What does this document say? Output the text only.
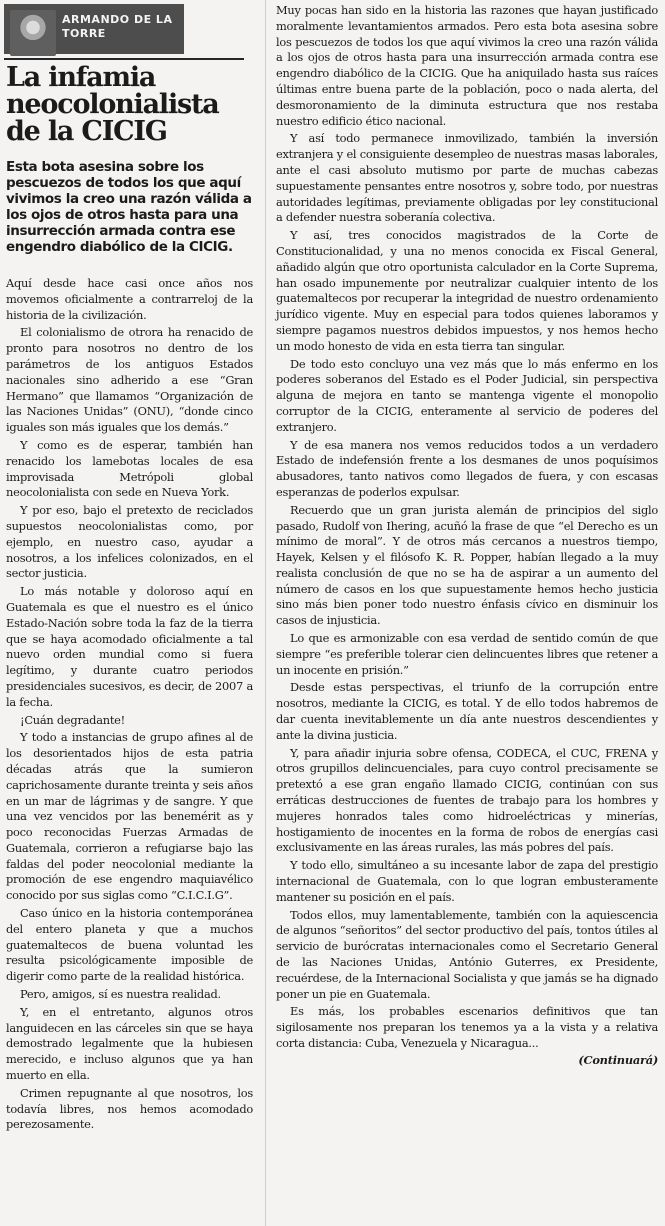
ARMANDO DE LA TORRE
La infamia neocolonialista de la CICIG
Esta bota asesina sobre los pescuezos de todos los que aquí vivimos la creo una razón válida a los ojos de otros hasta para una insurrección armada contra ese engendro diabólico de la CICIG.

Aquí desde hace casi once años nos movemos oficialmente a contrarreloj de la historia de la civilización.

El colonialismo de otrora ha renacido de pronto para nosotros no dentro de los parámetros de los antiguos Estados nacionales sino adherido a ese “Gran Hermano” que llamamos “Organización de las Naciones Unidas” (ONU), “donde cinco iguales son más iguales que los demás.”

Y como es de esperar, también han renacido los lamebotas locales de esa improvisada Metrópoli global neocolonialista con sede en Nueva York.

Y por eso, bajo el pretexto de reciclados supuestos neocolonialistas como, por ejemplo, en nuestro caso, ayudar a nosotros, a los infelices colonizados, en el sector justicia.

Lo más notable y doloroso aquí en Guatemala es que el nuestro es el único Estado-Nación sobre toda la faz de la tierra que se haya acomodado oficialmente a tal nuevo orden mundial como si fuera legítimo, y durante cuatro periodos presidenciales sucesivos, es decir, de 2007 a la fecha.

¡Cuán degradante!

Y todo a instancias de grupo afines al de los desorientados hijos de esta patria décadas atrás que la sumieron caprichosamente durante treinta y seis años en un mar de lágrimas y de sangre. Y que una vez vencidos por las benemérit as y poco reconocidas Fuerzas Armadas de Guatemala, corrieron a refugiarse bajo las faldas del poder neocolonial mediante la promoción de ese engendro maquiavélico conocido por sus siglas como “C.I.C.I.G”.

Caso único en la historia contemporánea del entero planeta y que a muchos guatemaltecos de buena voluntad les resulta psicológicamente imposible de digerir como parte de la realidad histórica.

Pero, amigos, sí es nuestra realidad.

Y, en el entretanto, algunos otros languidecen en las cárceles sin que se haya demostrado legalmente que la hubiesen merecido, e incluso algunos que ya han muerto en ella.

Crimen repugnante al que nosotros, los todavía libres, nos hemos acomodado perezosamente.

Muy pocas han sido en la historia las razones que hayan justificado moralmente levantamientos armados. Pero esta bota asesina sobre los pescuezos de todos los que aquí vivimos la creo una razón válida a los ojos de otros hasta para una insurrección armada contra ese engendro diabólico de la CICIG. Que ha aniquilado hasta sus raíces últimas entre buena parte de la población, poco o nada alerta, del desmoronamiento de la diminuta estructura que nos restaba nuestro edificio ético nacional.

Y así todo permanece inmovilizado, también la inversión extranjera y el consiguiente desempleo de nuestras masas laborales, ante el casi absoluto mutismo por parte de muchas cabezas supuestamente pensantes entre nosotros y, sobre todo, por nuestras autoridades legítimas, previamente obligadas por ley constitucional a defender nuestra soberanía colectiva.

Y así, tres conocidos magistrados de la Corte de Constitucionalidad, y una no menos conocida ex Fiscal General, añadido algún que otro oportunista calculador en la Corte Suprema, han osado impunemente por neutralizar cualquier intento de los guatemaltecos por recuperar la integridad de nuestro ordenamiento jurídico vigente. Muy en especial para todos quienes laboramos y siempre pagamos nuestros debidos impuestos, y nos hemos hecho un modo honesto de vida en esta tierra tan singular.

De todo esto concluyo una vez más que lo más enfermo en los poderes soberanos del Estado es el Poder Judicial, sin perspectiva alguna de mejora en tanto se mantenga vigente el monopolio corruptor de la CICIG, enteramente al servicio de poderes del extranjero.

Y de esa manera nos vemos reducidos todos a un verdadero Estado de indefensión frente a los desmanes de unos poquísimos abusadores, tanto nativos como llegados de fuera, y con escasas esperanzas de poderlos expulsar.

Recuerdo que un gran jurista alemán de principios del siglo pasado, Rudolf von Ihering, acuñó la frase de que “el Derecho es un mínimo de moral”. Y de otros más cercanos a nuestros tiempo, Hayek, Kelsen y el filósofo K. R. Popper, habían llegado a la muy realista conclusión de que no se ha de aspirar a un aumento del número de casos en los que supuestamente hemos hecho justicia sino más bien poner todo nuestro énfasis cívico en disminuir los casos de injusticia.

Lo que es armonizable con esa verdad de sentido común de que siempre “es preferible tolerar cien delincuentes libres que retener a un inocente en prisión.”

Desde estas perspectivas, el triunfo de la corrupción entre nosotros, mediante la CICIG, es total. Y de ello todos habremos de dar cuenta inevitablemente un día ante nuestros descendientes y ante la divina justicia.

Y, para añadir injuria sobre ofensa, CODECA, el CUC, FRENA y otros grupillos delincuenciales, para cuyo control precisamente se pretextó a ese gran engaño llamado CICIG, continúan con sus erráticas destrucciones de fuentes de trabajo para los hombres y mujeres honrados tales como hidroeléctricas y minerías, hostigamiento de inocentes en la forma de robos de energías casi exclusivamente en las áreas rurales, las más pobres del país.

Y todo ello, simultáneo a su incesante labor de zapa del prestigio internacional de Guatemala, con lo que logran embusteramente mantener su posición en el país.

Todos ellos, muy lamentablemente, también con la aquiescencia de algunos “señoritos” del sector productivo del país, tontos útiles al servicio de burócratas internacionales como el Secretario General de las Naciones Unidas, António Guterres, ex Presidente, recuérdese, de la Internacional Socialista y que jamás se ha dignado poner un pie en Guatemala.

Es más, los probables escenarios definitivos que tan sigilosamente nos preparan los tenemos ya a la vista y a relativa corta distancia: Cuba, Venezuela y Nicaragua...

(Continuará)
